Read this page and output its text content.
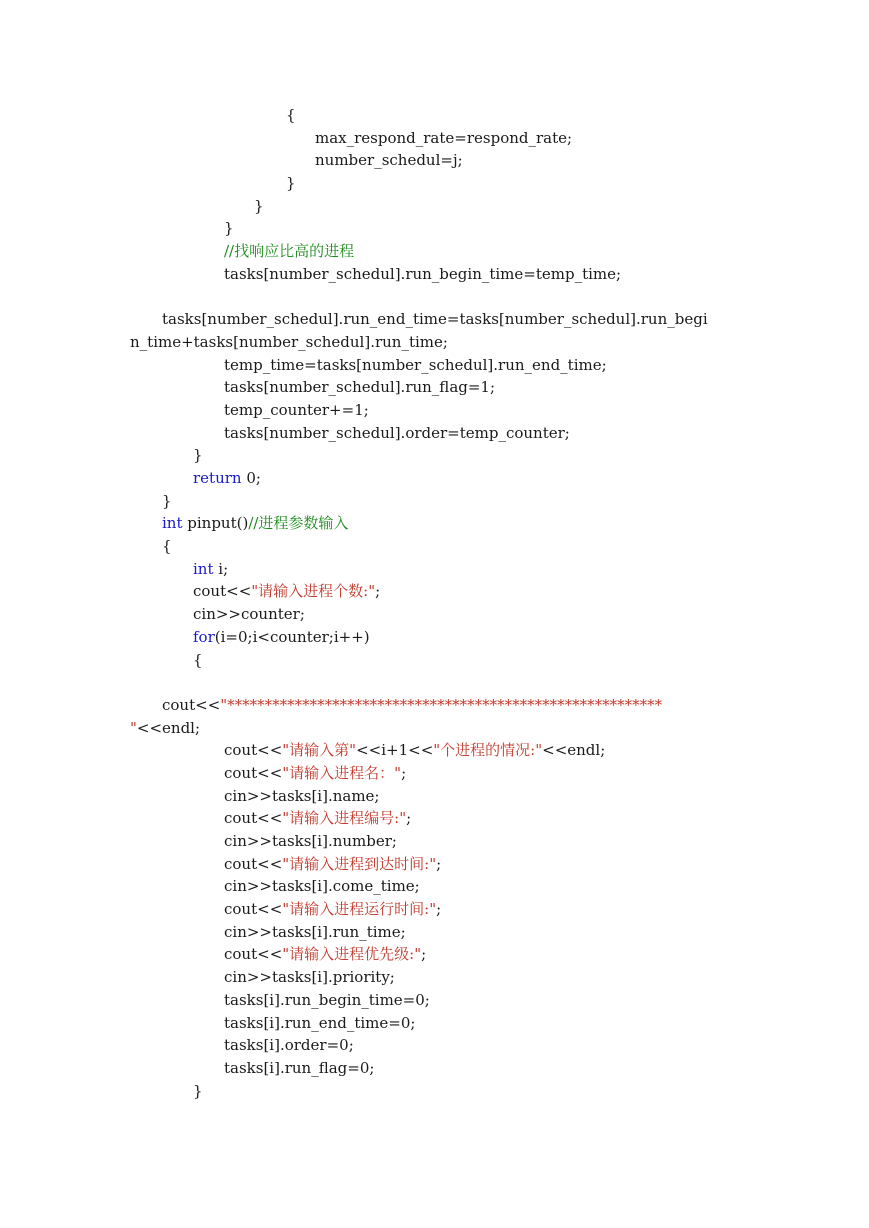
{
max_respond_rate=respond_rate;
number_schedul=j;
}
}
}
//找响应比高的进程
tasks[number_schedul].run_begin_time=temp_time;
tasks[number_schedul].run_end_time=tasks[number_schedul].run_begi
n_time+tasks[number_schedul].run_time;
temp_time=tasks[number_schedul].run_end_time;
tasks[number_schedul].run_flag=1;
temp_counter+=1;
tasks[number_schedul].order=temp_counter;
}
return 0;
}
int pinput()//进程参数输入
{
int i;
cout<<"请输入进程个数:";
cin>>counter;
for(i=0;i<counter;i++)
{
cout<<"**********************************************************
"<<endl;
cout<<"请输入第"<<i+1<<"个进程的情况:"<<endl;
cout<<"请输入进程名：";
cin>>tasks[i].name;
cout<<"请输入进程编号:";
cin>>tasks[i].number;
cout<<"请输入进程到达时间:";
cin>>tasks[i].come_time;
cout<<"请输入进程运行时间:";
cin>>tasks[i].run_time;
cout<<"请输入进程优先级:";
cin>>tasks[i].priority;
tasks[i].run_begin_time=0;
tasks[i].run_end_time=0;
tasks[i].order=0;
tasks[i].run_flag=0;
}
